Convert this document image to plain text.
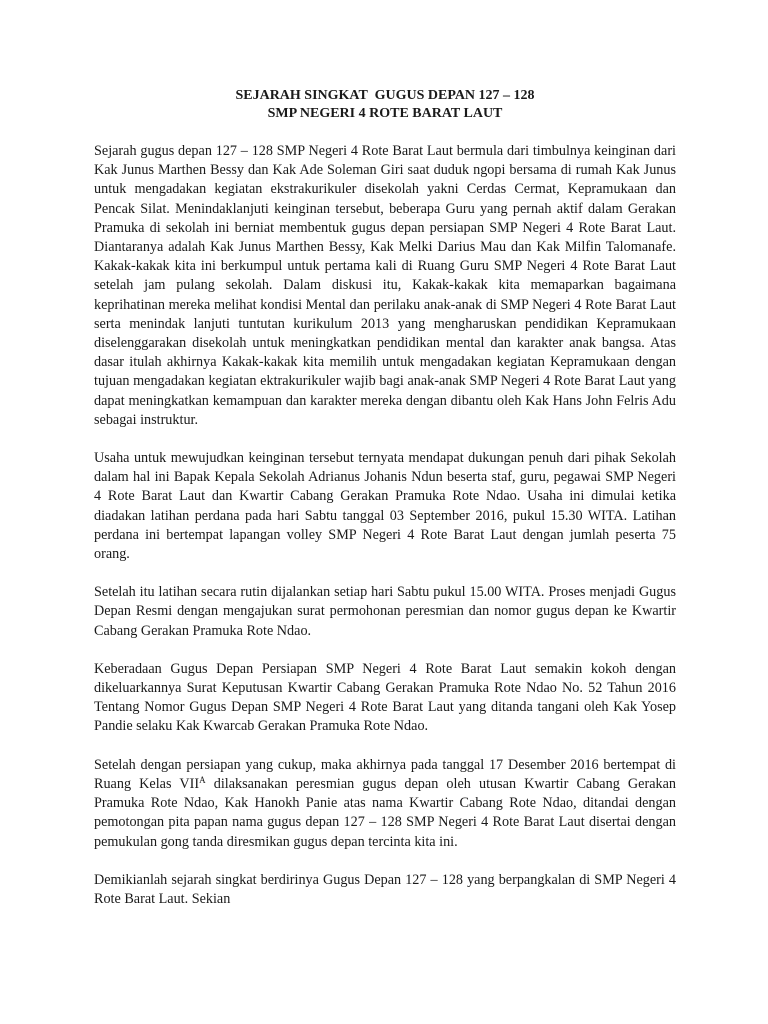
SEJARAH SINGKAT  GUGUS DEPAN 127 – 128
SMP NEGERI 4 ROTE BARAT LAUT

Sejarah gugus depan 127 – 128 SMP Negeri 4 Rote Barat Laut bermula dari timbulnya keinginan dari Kak Junus Marthen Bessy dan Kak Ade Soleman Giri saat duduk ngopi bersama di rumah Kak Junus untuk mengadakan kegiatan ekstrakurikuler disekolah yakni Cerdas Cermat, Kepramukaan dan Pencak Silat. Menindaklanjuti keinginan tersebut, beberapa Guru yang pernah aktif dalam Gerakan Pramuka di sekolah ini berniat membentuk gugus depan persiapan SMP Negeri 4 Rote Barat Laut. Diantaranya adalah Kak Junus Marthen Bessy, Kak Melki Darius Mau dan Kak Milfin Talomanafe. Kakak-kakak kita ini berkumpul untuk pertama kali di Ruang Guru SMP Negeri 4 Rote Barat Laut setelah jam pulang sekolah. Dalam diskusi itu, Kakak-kakak kita memaparkan bagaimana keprihatinan mereka melihat kondisi Mental dan perilaku anak-anak di SMP Negeri 4 Rote Barat Laut serta menindak lanjuti tuntutan kurikulum 2013 yang mengharuskan pendidikan Kepramukaan diselenggarakan disekolah untuk meningkatkan pendidikan mental dan karakter anak bangsa. Atas dasar itulah akhirnya Kakak-kakak kita memilih untuk mengadakan kegiatan Kepramukaan dengan tujuan mengadakan kegiatan ektrakurikuler wajib bagi anak-anak SMP Negeri 4 Rote Barat Laut yang dapat meningkatkan kemampuan dan karakter mereka dengan dibantu oleh Kak Hans John Felris Adu sebagai instruktur.

Usaha untuk mewujudkan keinginan tersebut ternyata mendapat dukungan penuh dari pihak Sekolah dalam hal ini Bapak Kepala Sekolah Adrianus Johanis Ndun beserta staf, guru, pegawai SMP Negeri 4 Rote Barat Laut dan Kwartir Cabang Gerakan Pramuka Rote Ndao. Usaha ini dimulai ketika diadakan latihan perdana pada hari Sabtu tanggal 03 September 2016, pukul 15.30 WITA. Latihan perdana ini bertempat lapangan volley SMP Negeri 4 Rote Barat Laut dengan jumlah peserta 75 orang.

Setelah itu latihan secara rutin dijalankan setiap hari Sabtu pukul 15.00 WITA. Proses menjadi Gugus Depan Resmi dengan mengajukan surat permohonan peresmian dan nomor gugus depan ke Kwartir Cabang Gerakan Pramuka Rote Ndao.

Keberadaan Gugus Depan Persiapan SMP Negeri 4 Rote Barat Laut semakin kokoh dengan dikeluarkannya Surat Keputusan Kwartir Cabang Gerakan Pramuka Rote Ndao No. 52 Tahun 2016 Tentang Nomor Gugus Depan SMP Negeri 4 Rote Barat Laut yang ditanda tangani oleh Kak Yosep Pandie selaku Kak Kwarcab Gerakan Pramuka Rote Ndao.

Setelah dengan persiapan yang cukup, maka akhirnya pada tanggal 17 Desember 2016 bertempat di Ruang Kelas $VII^A$ dilaksanakan peresmian gugus depan oleh utusan Kwartir Cabang Gerakan Pramuka Rote Ndao, Kak Hanokh Panie atas nama Kwartir Cabang Rote Ndao, ditandai dengan pemotongan pita papan nama gugus depan 127 – 128 SMP Negeri 4 Rote Barat Laut disertai dengan pemukulan gong tanda diresmikan gugus depan tercinta kita ini.

Demikianlah sejarah singkat berdirinya Gugus Depan 127 – 128 yang berpangkalan di SMP Negeri 4 Rote Barat Laut. Sekian
